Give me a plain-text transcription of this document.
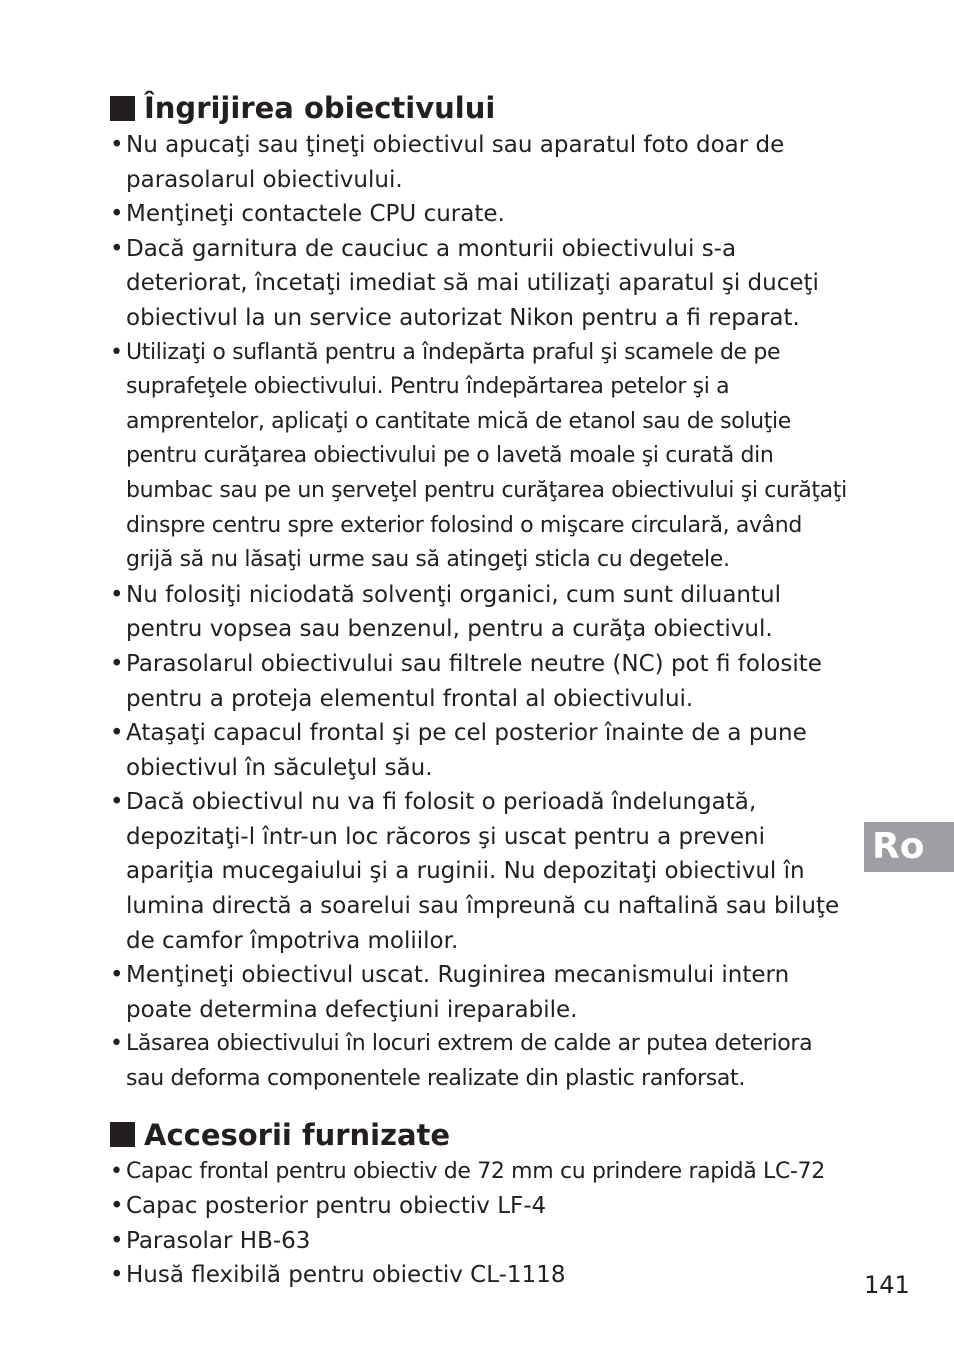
Îngrijirea obiectivului
• Nu apucaţi sau ţineţi obiectivul sau aparatul foto doar de parasolarul obiectivului.
• Menţineţi contactele CPU curate.
• Dacă garnitura de cauciuc a monturii obiectivului s-a deteriorat, încetaţi imediat să mai utilizaţi aparatul şi duceţi obiectivul la un service autorizat Nikon pentru a fi reparat.
• Utilizaţi o suflantă pentru a îndepărta praful şi scamele de pe suprafeţele obiectivului. Pentru îndepărtarea petelor şi a amprentelor, aplicaţi o cantitate mică de etanol sau de soluţie pentru curăţarea obiectivului pe o lavetă moale şi curată din bumbac sau pe un şerveţel pentru curăţarea obiectivului şi curăţaţi dinspre centru spre exterior folosind o mişcare circulară, având grijă să nu lăsaţi urme sau să atingeţi sticla cu degetele.
• Nu folosiţi niciodată solvenţi organici, cum sunt diluantul pentru vopsea sau benzenul, pentru a curăţa obiectivul.
• Parasolarul obiectivului sau filtrele neutre (NC) pot fi folosite pentru a proteja elementul frontal al obiectivului.
• Ataşaţi capacul frontal şi pe cel posterior înainte de a pune obiectivul în săculeţul său.
• Dacă obiectivul nu va fi folosit o perioadă îndelungată, depozitaţi-l într-un loc răcoros şi uscat pentru a preveni apariţia mucegaiului şi a ruginii. Nu depozitaţi obiectivul în lumina directă a soarelui sau împreună cu naftalină sau biluţe de camfor împotriva moliilor.
• Menţineţi obiectivul uscat. Ruginirea mecanismului intern poate determina defecţiuni ireparabile.
• Lăsarea obiectivului în locuri extrem de calde ar putea deteriora sau deforma componentele realizate din plastic ranforsat.
Accesorii furnizate
• Capac frontal pentru obiectiv de 72 mm cu prindere rapidă LC-72
• Capac posterior pentru obiectiv LF-4
• Parasolar HB-63
• Husă flexibilă pentru obiectiv CL-1118
Ro
141
